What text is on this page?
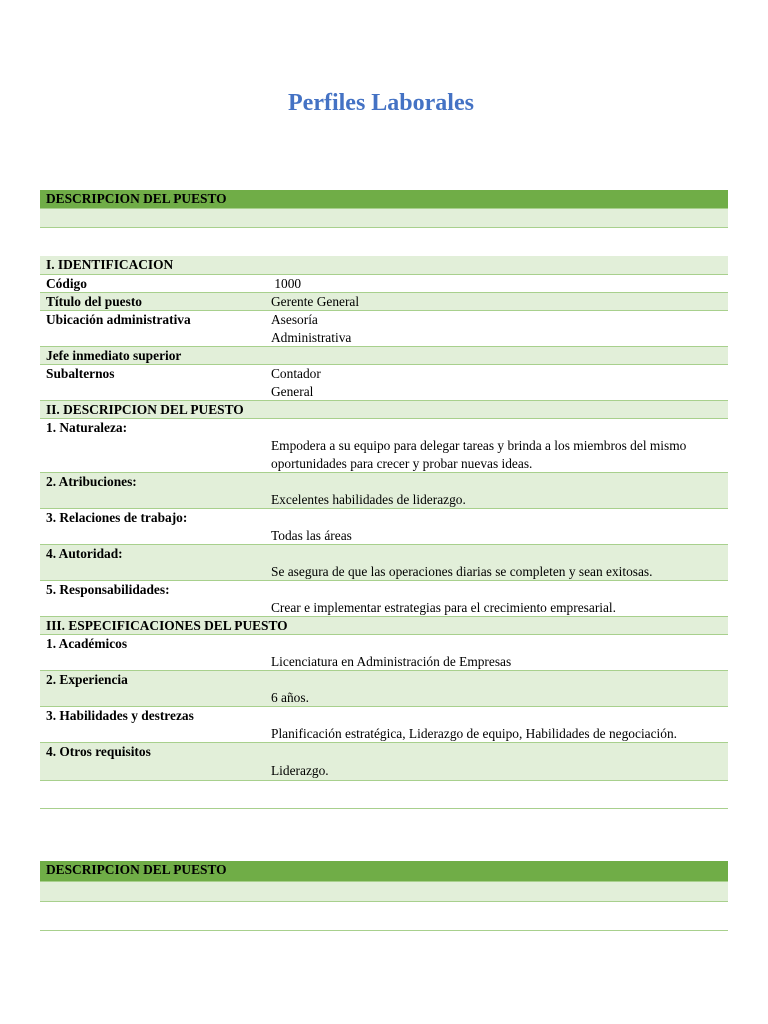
Perfiles Laborales
DESCRIPCION DEL PUESTO
I. IDENTIFICACION
Código	1000
Título del puesto	Gerente General
Ubicación administrativa	Asesoría
Administrativa
Jefe inmediato superior
Subalternos	Contador
General
II. DESCRIPCION DEL PUESTO
1. Naturaleza:
Empodera a su equipo para delegar tareas y brinda a los miembros del mismo
oportunidades para crecer y probar nuevas ideas.
2. Atribuciones:
Excelentes habilidades de liderazgo.
3. Relaciones de trabajo:
Todas las áreas
4. Autoridad:
Se asegura de que las operaciones diarias se completen y sean exitosas.
5. Responsabilidades:
Crear e implementar estrategias para el crecimiento empresarial.
III. ESPECIFICACIONES DEL PUESTO
1. Académicos
Licenciatura en Administración de Empresas
2. Experiencia
6 años.
3. Habilidades y destrezas
Planificación estratégica, Liderazgo de equipo, Habilidades de negociación.
4. Otros requisitos
Liderazgo.
DESCRIPCION DEL PUESTO
